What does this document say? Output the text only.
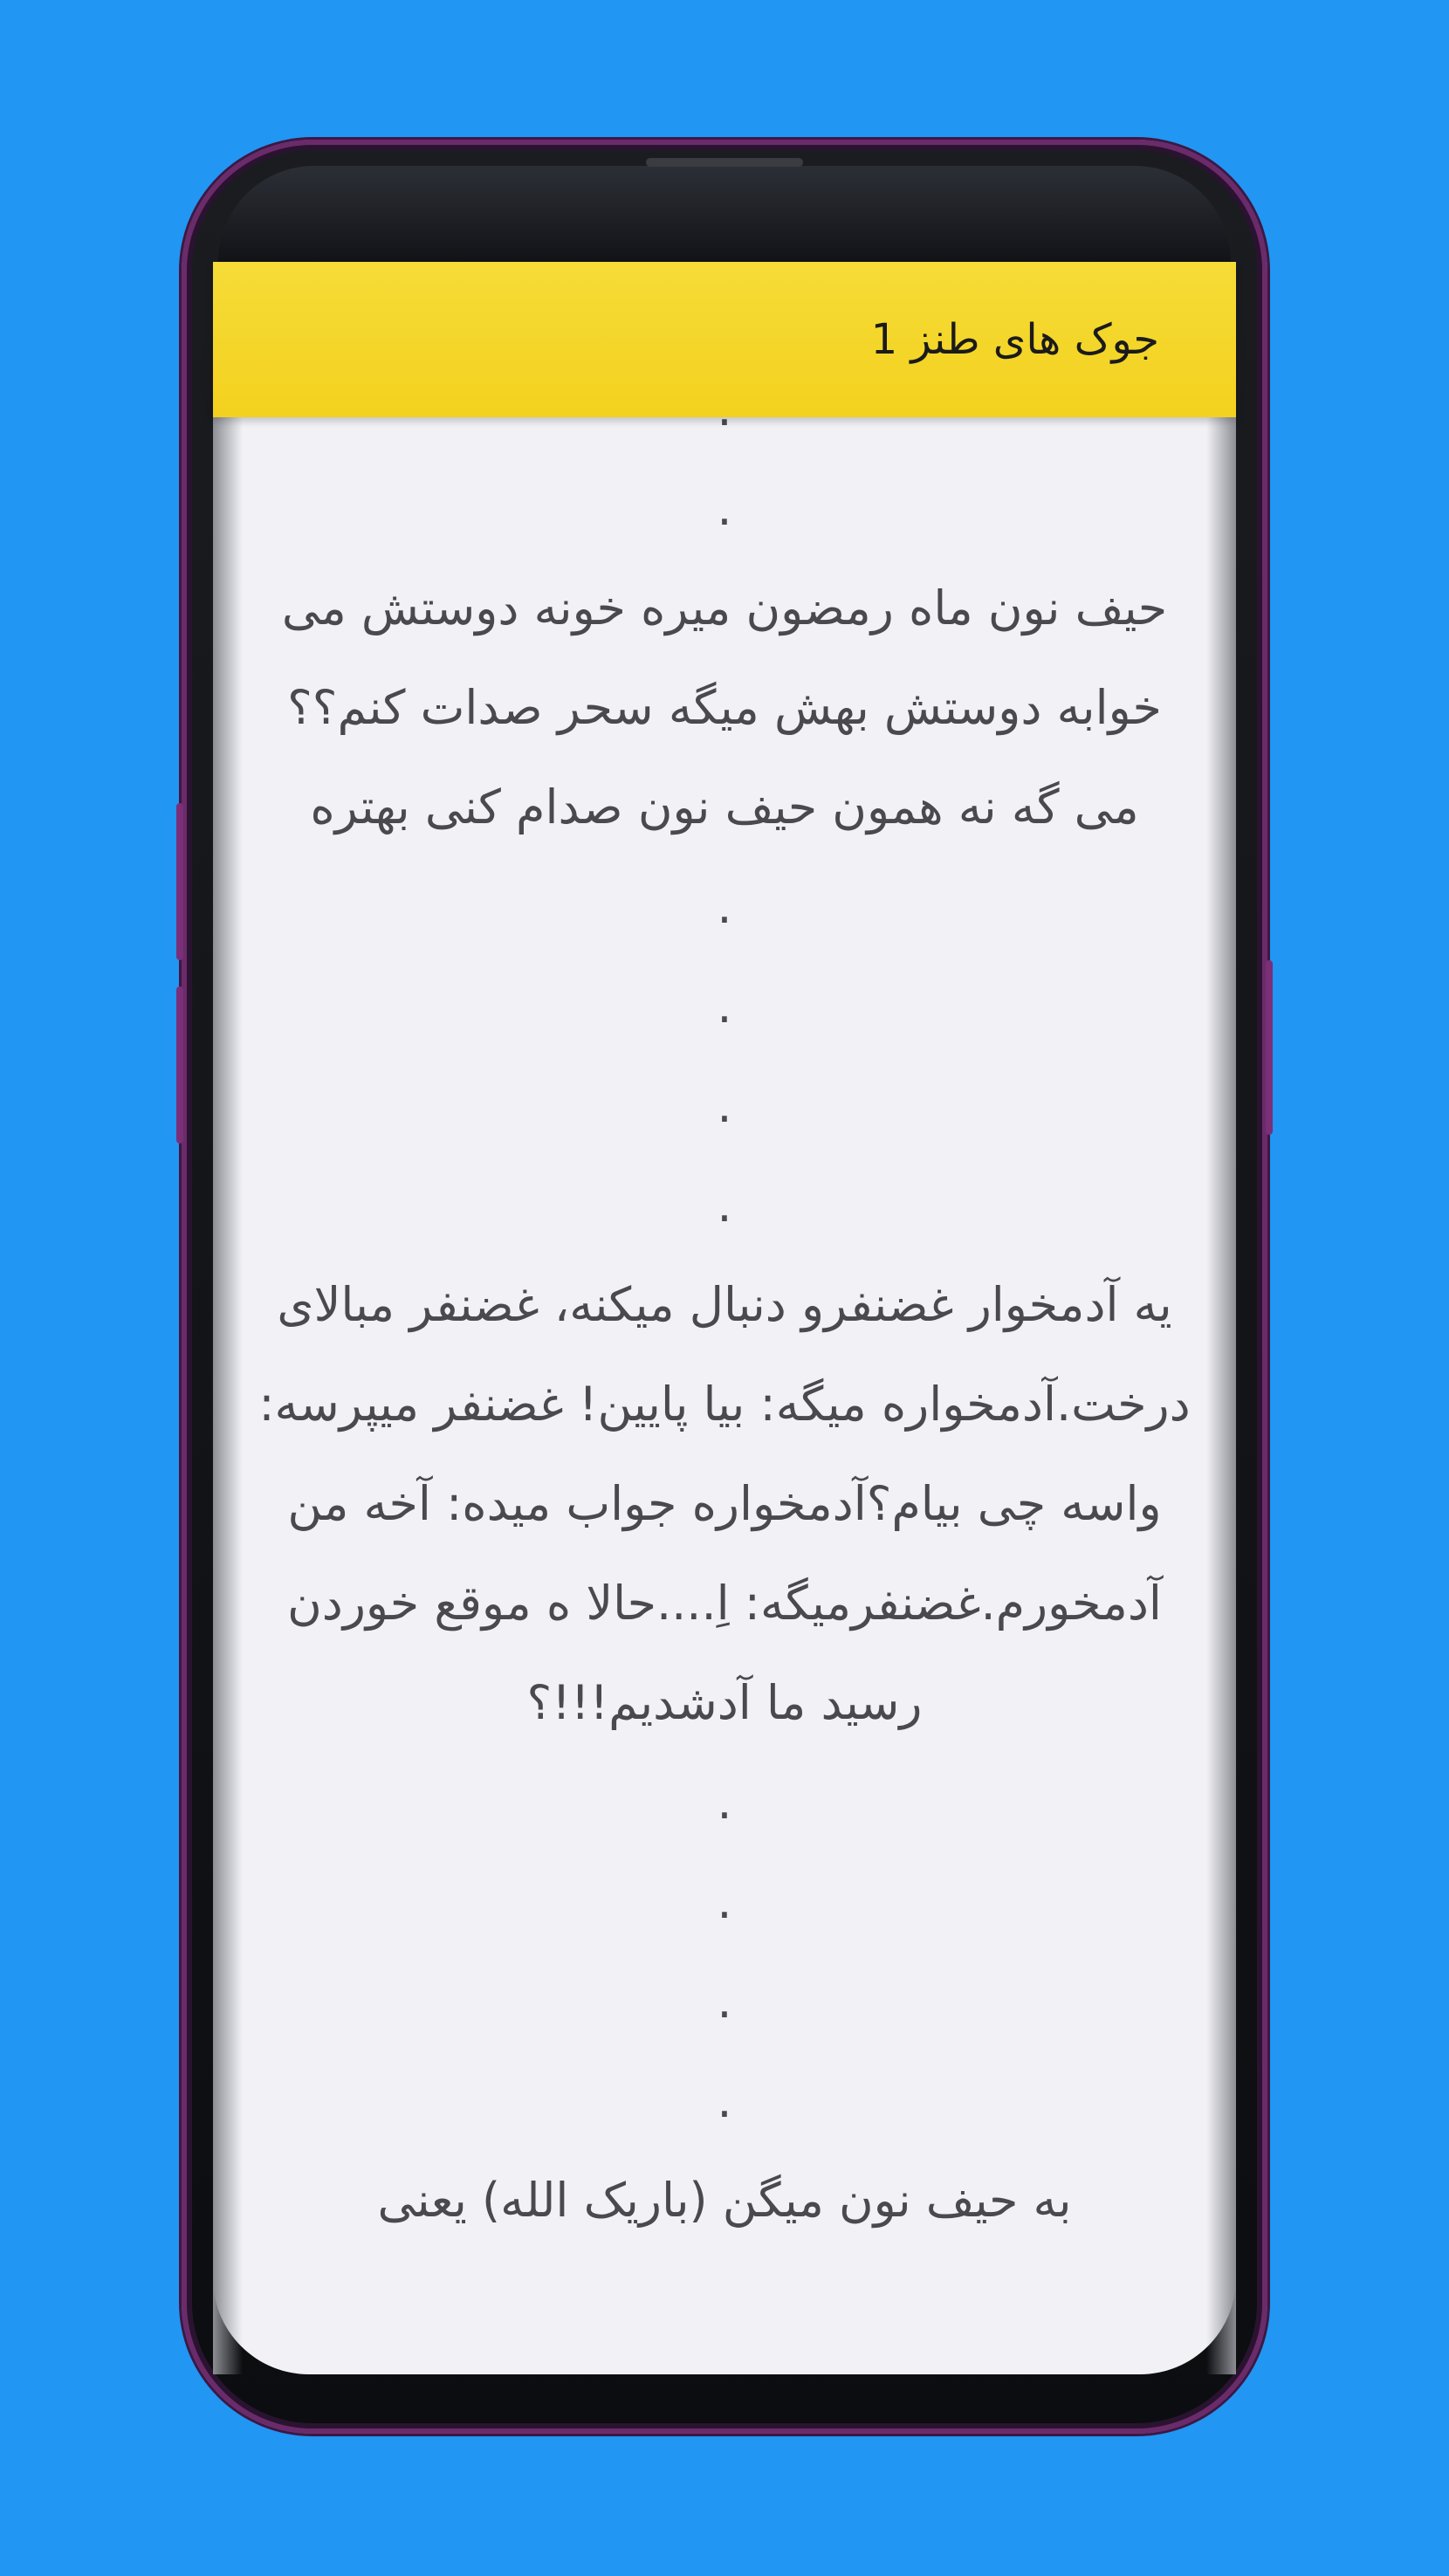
جوک های طنز 1

.
حیف نون ماه رمضون میره خونه دوستش می خوابه دوستش بهش میگه سحر صدات کنم؟؟ می گه نه همون حیف نون صدام کنی بهتره
.
.
.
.
یه آدمخوار غضنفرو دنبال میکنه، غضنفر مبالای درخت.آدمخواره میگه: بیا پایین! غضنفر میپرسه: واسه چی بیام؟آدمخواره جواب میده: آخه من آدمخورم.غضنفرمیگه: اِ....حالا ه موقع خوردن رسید ما آدشدیم!!!؟
.
.
.
.
به حیف نون میگن (باریک الله) یعنی
